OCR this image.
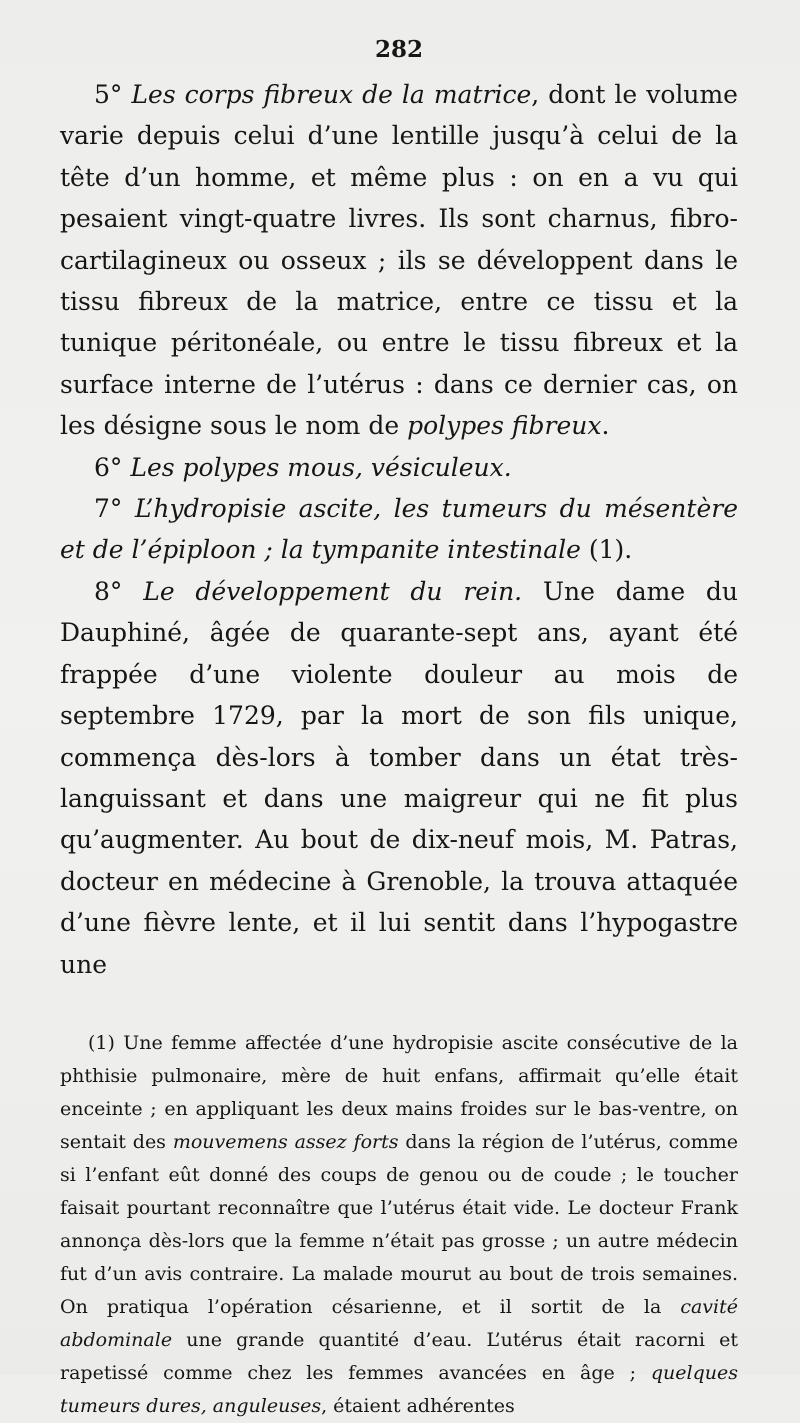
282

5° Les corps fibreux de la matrice, dont le volume varie depuis celui d’une lentille jusqu’à celui de la tête d’un homme, et même plus : on en a vu qui pesaient vingt-quatre livres. Ils sont charnus, fibro-cartilagineux ou osseux ; ils se développent dans le tissu fibreux de la matrice, entre ce tissu et la tunique péritonéale, ou entre le tissu fibreux et la surface interne de l’utérus : dans ce dernier cas, on les désigne sous le nom de polypes fibreux.

6° Les polypes mous, vésiculeux.

7° L’hydropisie ascite, les tumeurs du mésentère et de l’épiploon ; la tympanite intestinale (1).

8° Le développement du rein. Une dame du Dauphiné, âgée de quarante-sept ans, ayant été frappée d’une violente douleur au mois de septembre 1729, par la mort de son fils unique, commença dès-lors à tomber dans un état très-languissant et dans une maigreur qui ne fit plus qu’augmenter. Au bout de dix-neuf mois, M. Patras, docteur en médecine à Grenoble, la trouva attaquée d’une fièvre lente, et il lui sentit dans l’hypogastre une

(1) Une femme affectée d’une hydropisie ascite consécutive de la phthisie pulmonaire, mère de huit enfans, affirmait qu’elle était enceinte ; en appliquant les deux mains froides sur le bas-ventre, on sentait des mouvemens assez forts dans la région de l’utérus, comme si l’enfant eût donné des coups de genou ou de coude ; le toucher faisait pourtant reconnaître que l’utérus était vide. Le docteur Frank annonça dès-lors que la femme n’était pas grosse ; un autre médecin fut d’un avis contraire. La malade mourut au bout de trois semaines. On pratiqua l’opération césarienne, et il sortit de la cavité abdominale une grande quantité d’eau. L’utérus était racorni et rapetissé comme chez les femmes avancées en âge ; quelques tumeurs dures, anguleuses, étaient adhérentes
